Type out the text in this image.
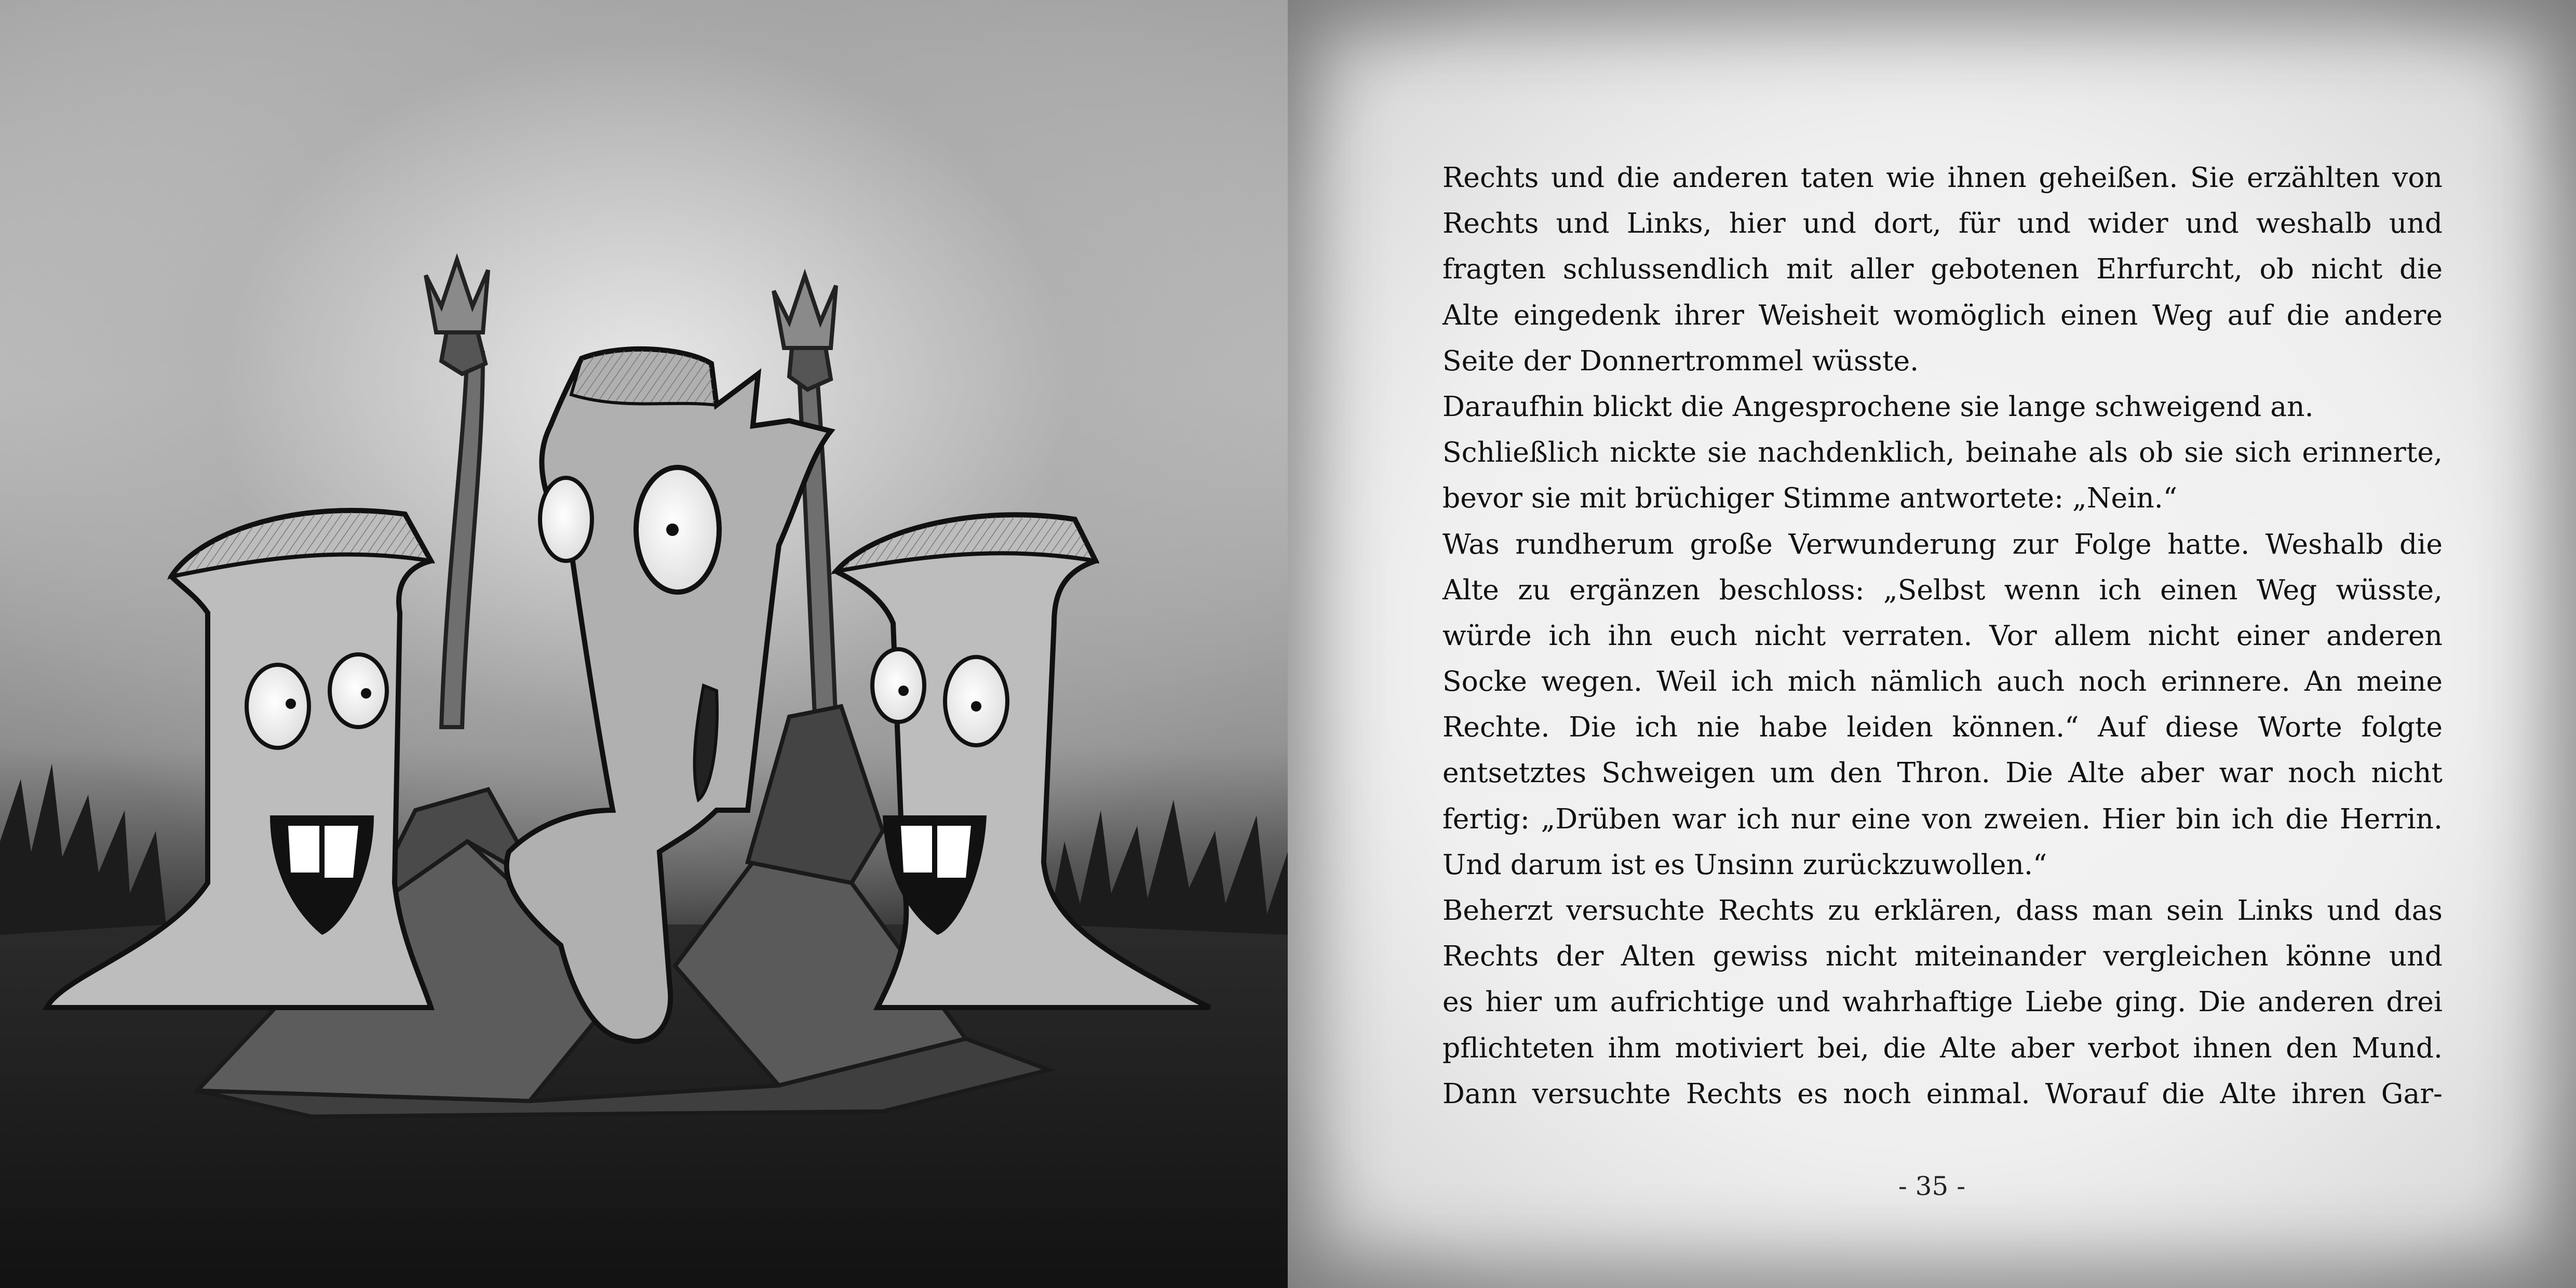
Rechts und die anderen taten wie ihnen geheißen. Sie erzählten von
Rechts und Links, hier und dort, für und wider und weshalb und
fragten schlussendlich mit aller gebotenen Ehrfurcht, ob nicht die
Alte eingedenk ihrer Weisheit womöglich einen Weg auf die andere
Seite der Donnertrommel wüsste.
Daraufhin blickt die Angesprochene sie lange schweigend an.
Schließlich nickte sie nachdenklich, beinahe als ob sie sich erinnerte,
bevor sie mit brüchiger Stimme antwortete: „Nein.“
Was rundherum große Verwunderung zur Folge hatte. Weshalb die
Alte zu ergänzen beschloss: „Selbst wenn ich einen Weg wüsste,
würde ich ihn euch nicht verraten. Vor allem nicht einer anderen
Socke wegen. Weil ich mich nämlich auch noch erinnere. An meine
Rechte. Die ich nie habe leiden können.“ Auf diese Worte folgte
entsetztes Schweigen um den Thron. Die Alte aber war noch nicht
fertig: „Drüben war ich nur eine von zweien. Hier bin ich die Herrin.
Und darum ist es Unsinn zurückzuwollen.“
Beherzt versuchte Rechts zu erklären, dass man sein Links und das
Rechts der Alten gewiss nicht miteinander vergleichen könne und
es hier um aufrichtige und wahrhaftige Liebe ging. Die anderen drei
pflichteten ihm motiviert bei, die Alte aber verbot ihnen den Mund.
Dann versuchte Rechts es noch einmal. Worauf die Alte ihren Gar-
- 35 -
